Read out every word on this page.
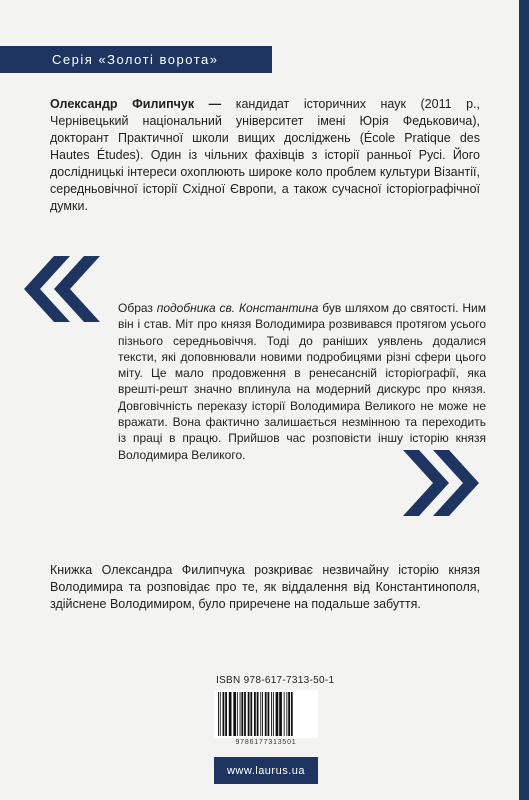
Серія «Золоті ворота»
Олександр Филипчук — кандидат історичних наук (2011 р., Чернівецький національний університет імені Юрія Федьковича), докторант Практичної школи вищих досліджень (École Pratique des Hautes Études). Один із чільних фахівців з історії ранньої Русі. Його дослідницькі інтереси охоплюють широке коло проблем культури Візантії, середньовічної історії Східної Європи, а також сучасної історіографічної думки.
Образ подобника св. Константина був шляхом до святості. Ним він і став. Міт про князя Володимира розвивався протягом усього пізнього середньовіччя. Тоді до раніших уявлень додалися тексти, які доповнювали новими подробицями різні сфери цього міту. Це мало продовження в ренесансній історіографії, яка врешті-решт значно вплинула на модерний дискурс про князя. Довговічність переказу історії Володимира Великого не може не вражати. Вона фактично залишається незмінною та переходить із праці в працю. Прийшов час розповісти іншу історію князя Володимира Великого.
Книжка Олександра Филипчука розкриває незвичайну історію князя Володимира та розповідає про те, як віддалення від Константинополя, здійснене Володимиром, було приречене на подальше забуття.
ISBN 978-617-7313-50-1
9786177313501
www.laurus.ua
